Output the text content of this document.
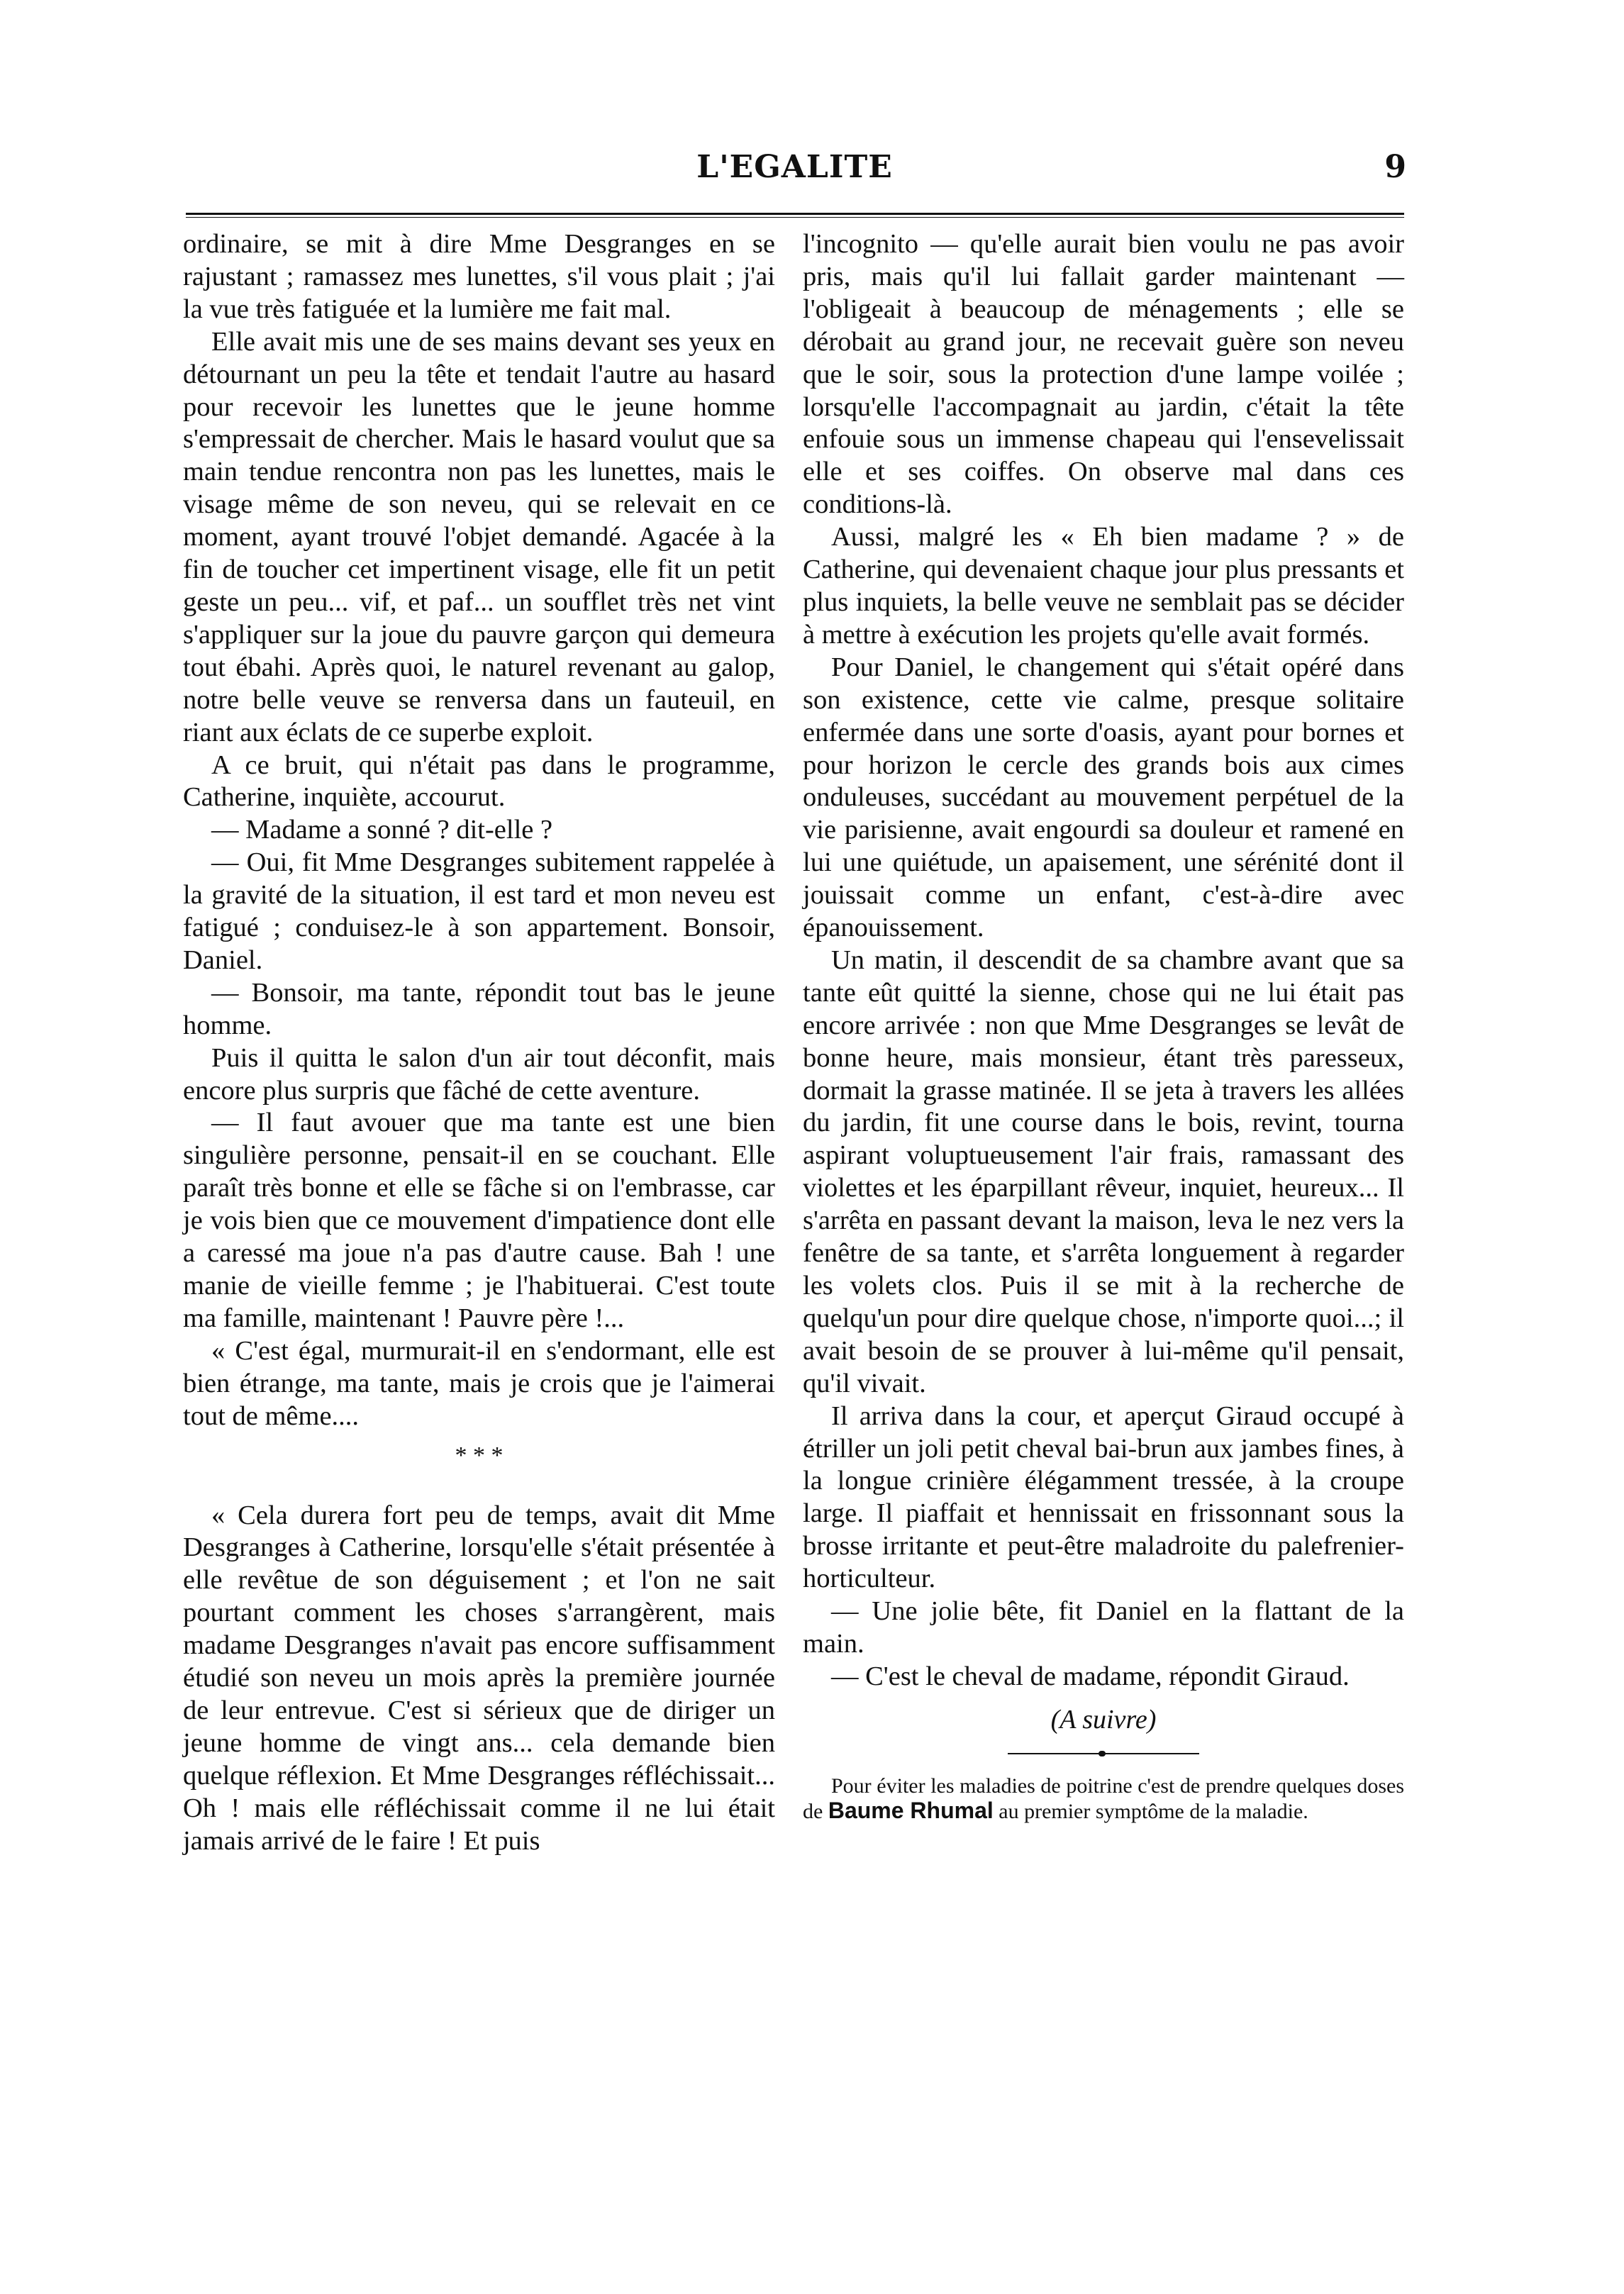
L'EGALITE	9

ordinaire, se mit à dire Mme Desgranges en se rajustant ; ramassez mes lunettes, s'il vous plait ; j'ai la vue très fatiguée et la lumière me fait mal.

Elle avait mis une de ses mains devant ses yeux en détournant un peu la tête et tendait l'autre au hasard pour recevoir les lunettes que le jeune homme s'empressait de chercher. Mais le hasard voulut que sa main tendue rencontra non pas les lunettes, mais le visage même de son neveu, qui se relevait en ce moment, ayant trouvé l'objet demandé. Agacée à la fin de toucher cet impertinent visage, elle fit un petit geste un peu... vif, et paf... un soufflet très net vint s'appliquer sur la joue du pauvre garçon qui demeura tout ébahi. Après quoi, le naturel revenant au galop, notre belle veuve se renversa dans un fauteuil, en riant aux éclats de ce superbe exploit.

A ce bruit, qui n'était pas dans le programme, Catherine, inquiète, accourut.

— Madame a sonné ? dit-elle ?

— Oui, fit Mme Desgranges subitement rappelée à la gravité de la situation, il est tard et mon neveu est fatigué ; conduisez-le à son appartement. Bonsoir, Daniel.

— Bonsoir, ma tante, répondit tout bas le jeune homme.

Puis il quitta le salon d'un air tout déconfit, mais encore plus surpris que fâché de cette aventure.

— Il faut avouer que ma tante est une bien singulière personne, pensait-il en se couchant. Elle paraît très bonne et elle se fâche si on l'embrasse, car je vois bien que ce mouvement d'impatience dont elle a caressé ma joue n'a pas d'autre cause. Bah ! une manie de vieille femme ; je l'habituerai. C'est toute ma famille, maintenant ! Pauvre père !...

« C'est égal, murmurait-il en s'endormant, elle est bien étrange, ma tante, mais je crois que je l'aimerai tout de même....

* * *

« Cela durera fort peu de temps, avait dit Mme Desgranges à Catherine, lorsqu'elle s'était présentée à elle revêtue de son déguisement ; et l'on ne sait pourtant comment les choses s'arrangèrent, mais madame Desgranges n'avait pas encore suffisamment étudié son neveu un mois après la première journée de leur entrevue. C'est si sérieux que de diriger un jeune homme de vingt ans... cela demande bien quelque réflexion. Et Mme Desgranges réfléchissait... Oh ! mais elle réfléchissait comme il ne lui était jamais arrivé de le faire ! Et puis

l'incognito — qu'elle aurait bien voulu ne pas avoir pris, mais qu'il lui fallait garder maintenant — l'obligeait à beaucoup de ménagements ; elle se dérobait au grand jour, ne recevait guère son neveu que le soir, sous la protection d'une lampe voilée ; lorsqu'elle l'accompagnait au jardin, c'était la tête enfouie sous un immense chapeau qui l'ensevelissait elle et ses coiffes. On observe mal dans ces conditions-là.

Aussi, malgré les « Eh bien madame ? » de Catherine, qui devenaient chaque jour plus pressants et plus inquiets, la belle veuve ne semblait pas se décider à mettre à exécution les projets qu'elle avait formés.

Pour Daniel, le changement qui s'était opéré dans son existence, cette vie calme, presque solitaire enfermée dans une sorte d'oasis, ayant pour bornes et pour horizon le cercle des grands bois aux cimes onduleuses, succédant au mouvement perpétuel de la vie parisienne, avait engourdi sa douleur et ramené en lui une quiétude, un apaisement, une sérénité dont il jouissait comme un enfant, c'est-à-dire avec épanouissement.

Un matin, il descendit de sa chambre avant que sa tante eût quitté la sienne, chose qui ne lui était pas encore arrivée : non que Mme Desgranges se levât de bonne heure, mais monsieur, étant très paresseux, dormait la grasse matinée. Il se jeta à travers les allées du jardin, fit une course dans le bois, revint, tourna aspirant voluptueusement l'air frais, ramassant des violettes et les éparpillant rêveur, inquiet, heureux... Il s'arrêta en passant devant la maison, leva le nez vers la fenêtre de sa tante, et s'arrêta longuement à regarder les volets clos. Puis il se mit à la recherche de quelqu'un pour dire quelque chose, n'importe quoi...; il avait besoin de se prouver à lui-même qu'il pensait, qu'il vivait.

Il arriva dans la cour, et aperçut Giraud occupé à étriller un joli petit cheval bai-brun aux jambes fines, à la longue crinière élégamment tressée, à la croupe large. Il piaffait et hennissait en frissonnant sous la brosse irritante et peut-être maladroite du palefrenier-horticulteur.

— Une jolie bête, fit Daniel en la flattant de la main.

— C'est le cheval de madame, répondit Giraud.

(A suivre)

Pour éviter les maladies de poitrine c'est de prendre quelques doses de Baume Rhumal au premier symptôme de la maladie.
